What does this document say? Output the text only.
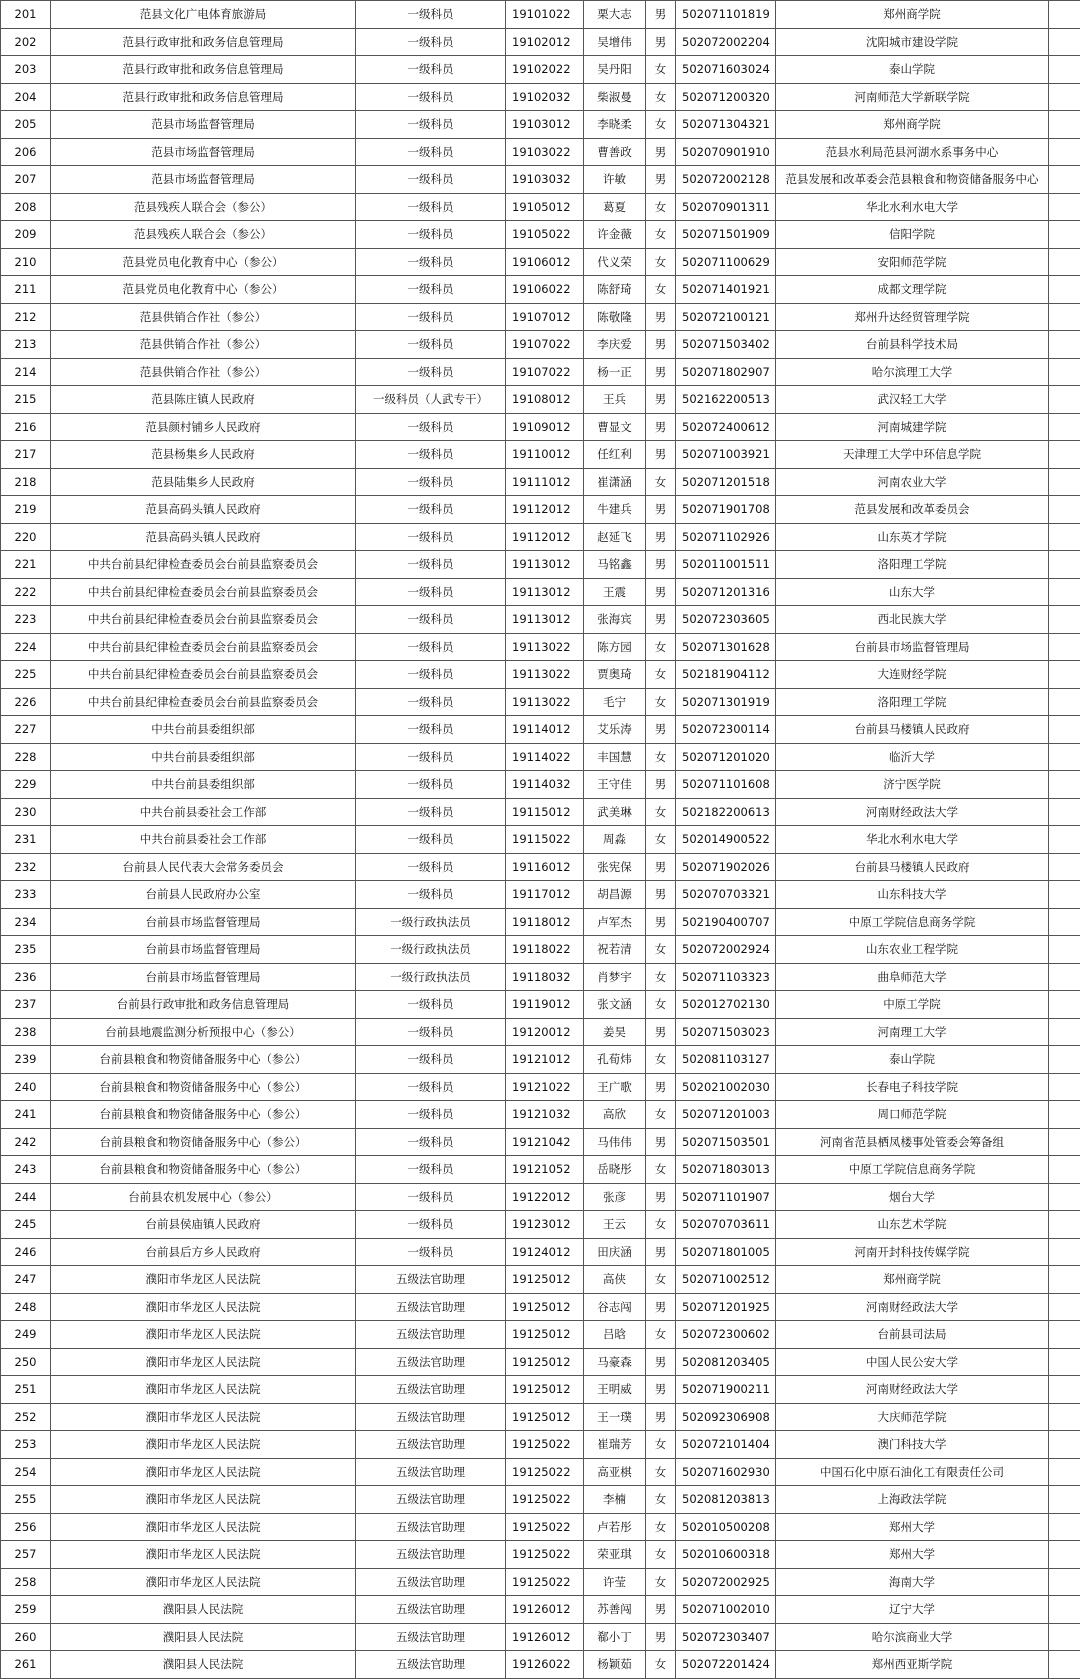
201	范县文化广电体育旅游局	一级科员	19101022	栗大志	男	502071101819	郑州商学院	
202	范县行政审批和政务信息管理局	一级科员	19102012	吴增伟	男	502072002204	沈阳城市建设学院	
203	范县行政审批和政务信息管理局	一级科员	19102022	吴丹阳	女	502071603024	泰山学院	
204	范县行政审批和政务信息管理局	一级科员	19102032	柴淑曼	女	502071200320	河南师范大学新联学院	
205	范县市场监督管理局	一级科员	19103012	李晓柔	女	502071304321	郑州商学院	
206	范县市场监督管理局	一级科员	19103022	曹善政	男	502070901910	范县水利局范县河湖水系事务中心	
207	范县市场监督管理局	一级科员	19103032	许敏	男	502072002128	范县发展和改革委会范县粮食和物资储备服务中心	
208	范县残疾人联合会（参公）	一级科员	19105012	葛夏	女	502070901311	华北水利水电大学	
209	范县残疾人联合会（参公）	一级科员	19105022	许金薇	女	502071501909	信阳学院	
210	范县党员电化教育中心（参公）	一级科员	19106012	代义荣	女	502071100629	安阳师范学院	
211	范县党员电化教育中心（参公）	一级科员	19106022	陈舒琦	女	502071401921	成都文理学院	
212	范县供销合作社（参公）	一级科员	19107012	陈敬隆	男	502072100121	郑州升达经贸管理学院	
213	范县供销合作社（参公）	一级科员	19107022	李庆爱	男	502071503402	台前县科学技术局	
214	范县供销合作社（参公）	一级科员	19107022	杨一正	男	502071802907	哈尔滨理工大学	
215	范县陈庄镇人民政府	一级科员（人武专干）	19108012	王兵	男	502162200513	武汉轻工大学	
216	范县颜村铺乡人民政府	一级科员	19109012	曹显文	男	502072400612	河南城建学院	
217	范县杨集乡人民政府	一级科员	19110012	任红利	男	502071003921	天津理工大学中环信息学院	
218	范县陆集乡人民政府	一级科员	19111012	崔潇涵	女	502071201518	河南农业大学	
219	范县高码头镇人民政府	一级科员	19112012	牛建兵	男	502071901708	范县发展和改革委员会	
220	范县高码头镇人民政府	一级科员	19112012	赵延飞	男	502071102926	山东英才学院	
221	中共台前县纪律检查委员会台前县监察委员会	一级科员	19113012	马铭鑫	男	502011001511	洛阳理工学院	
222	中共台前县纪律检查委员会台前县监察委员会	一级科员	19113012	王震	男	502071201316	山东大学	
223	中共台前县纪律检查委员会台前县监察委员会	一级科员	19113012	张海宾	男	502072303605	西北民族大学	
224	中共台前县纪律检查委员会台前县监察委员会	一级科员	19113022	陈方园	女	502071301628	台前县市场监督管理局	
225	中共台前县纪律检查委员会台前县监察委员会	一级科员	19113022	贾奥琦	女	502181904112	大连财经学院	
226	中共台前县纪律检查委员会台前县监察委员会	一级科员	19113022	毛宁	女	502071301919	洛阳理工学院	
227	中共台前县委组织部	一级科员	19114012	艾乐涛	男	502072300114	台前县马楼镇人民政府	
228	中共台前县委组织部	一级科员	19114022	丰国慧	女	502071201020	临沂大学	
229	中共台前县委组织部	一级科员	19114032	王守佳	男	502071101608	济宁医学院	
230	中共台前县委社会工作部	一级科员	19115012	武美琳	女	502182200613	河南财经政法大学	
231	中共台前县委社会工作部	一级科员	19115022	周淼	女	502014900522	华北水利水电大学	
232	台前县人民代表大会常务委员会	一级科员	19116012	张宪保	男	502071902026	台前县马楼镇人民政府	
233	台前县人民政府办公室	一级科员	19117012	胡昌源	男	502070703321	山东科技大学	
234	台前县市场监督管理局	一级行政执法员	19118012	卢军杰	男	502190400707	中原工学院信息商务学院	
235	台前县市场监督管理局	一级行政执法员	19118022	祝若清	女	502072002924	山东农业工程学院	
236	台前县市场监督管理局	一级行政执法员	19118032	肖梦宇	女	502071103323	曲阜师范大学	
237	台前县行政审批和政务信息管理局	一级科员	19119012	张文涵	女	502012702130	中原工学院	
238	台前县地震监测分析预报中心（参公）	一级科员	19120012	姜昊	男	502071503023	河南理工大学	
239	台前县粮食和物资储备服务中心（参公）	一级科员	19121012	孔荀炜	女	502081103127	泰山学院	
240	台前县粮食和物资储备服务中心（参公）	一级科员	19121022	王广歌	男	502021002030	长春电子科技学院	
241	台前县粮食和物资储备服务中心（参公）	一级科员	19121032	高欣	女	502071201003	周口师范学院	
242	台前县粮食和物资储备服务中心（参公）	一级科员	19121042	马伟伟	男	502071503501	河南省范县栖凤楼事处管委会筹备组	
243	台前县粮食和物资储备服务中心（参公）	一级科员	19121052	岳晓彤	女	502071803013	中原工学院信息商务学院	
244	台前县农机发展中心（参公）	一级科员	19122012	张彦	男	502071101907	烟台大学	
245	台前县侯庙镇人民政府	一级科员	19123012	王云	女	502070703611	山东艺术学院	
246	台前县后方乡人民政府	一级科员	19124012	田庆涵	男	502071801005	河南开封科技传媒学院	
247	濮阳市华龙区人民法院	五级法官助理	19125012	高侠	女	502071002512	郑州商学院	
248	濮阳市华龙区人民法院	五级法官助理	19125012	谷志闯	男	502071201925	河南财经政法大学	
249	濮阳市华龙区人民法院	五级法官助理	19125012	吕晗	女	502072300602	台前县司法局	
250	濮阳市华龙区人民法院	五级法官助理	19125012	马豪森	男	502081203405	中国人民公安大学	
251	濮阳市华龙区人民法院	五级法官助理	19125012	王明威	男	502071900211	河南财经政法大学	
252	濮阳市华龙区人民法院	五级法官助理	19125012	王一璞	男	502092306908	大庆师范学院	
253	濮阳市华龙区人民法院	五级法官助理	19125022	崔瑞芳	女	502072101404	澳门科技大学	
254	濮阳市华龙区人民法院	五级法官助理	19125022	高亚棋	女	502071602930	中国石化中原石油化工有限责任公司	
255	濮阳市华龙区人民法院	五级法官助理	19125022	李楠	女	502081203813	上海政法学院	
256	濮阳市华龙区人民法院	五级法官助理	19125022	卢若彤	女	502010500208	郑州大学	
257	濮阳市华龙区人民法院	五级法官助理	19125022	荣亚琪	女	502010600318	郑州大学	
258	濮阳市华龙区人民法院	五级法官助理	19125022	许莹	女	502072002925	海南大学	
259	濮阳县人民法院	五级法官助理	19126012	苏善闯	男	502071002010	辽宁大学	
260	濮阳县人民法院	五级法官助理	19126012	郗小丁	男	502072303407	哈尔滨商业大学	
261	濮阳县人民法院	五级法官助理	19126022	杨颖茹	女	502072201424	郑州西亚斯学院	
